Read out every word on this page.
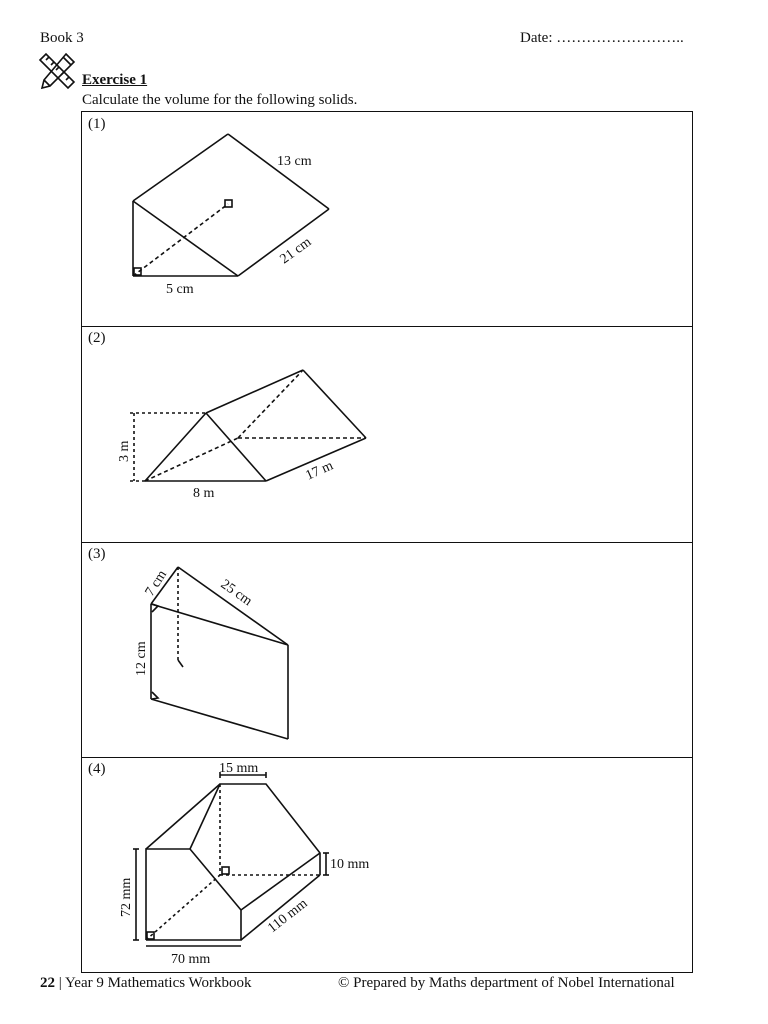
Book 3	Date: ……………………..
Exercise 1
Calculate the volume for the following solids.
(1)
13 cm
21 cm
5 cm
(2)
3 m
8 m
17 m
(3)
7 cm	25 cm
12 cm
(4)	15 mm
10 mm
72 mm
70 mm
110 mm
22 | Year 9 Mathematics Workbook	© Prepared by Maths department of Nobel International
